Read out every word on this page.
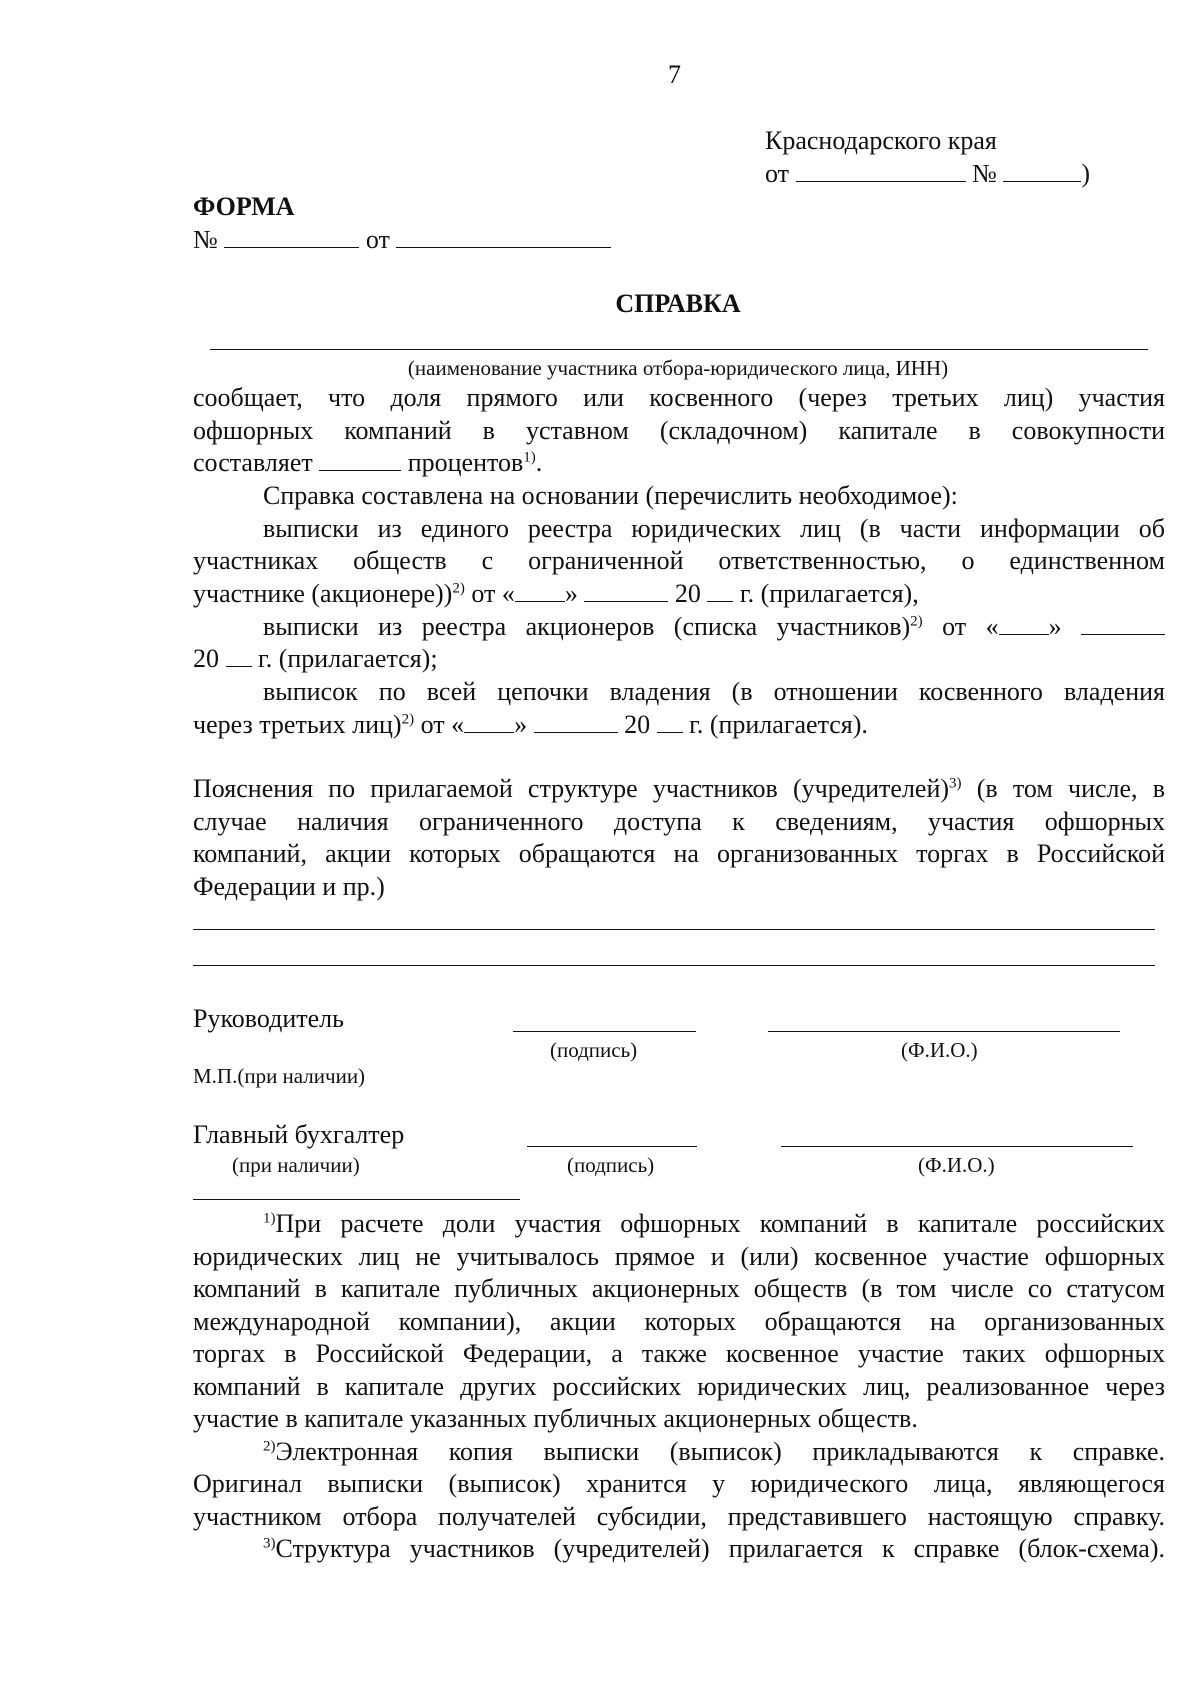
7
Краснодарского края
от	№	)
ФОРМА
№	от
СПРАВКА
(наименование участника отбора-юридического лица, ИНН)
сообщает, что доля прямого или косвенного (через третьих лиц) участия
офшорных компаний в уставном (складочном) капитале в совокупности
составляет	процентов$^{1)}$.
Справка составлена на основании (перечислить необходимое):
выписки из единого реестра юридических лиц (в части информации об
участниках обществ с ограниченной ответственностью, о единственном
участнике (акционере))$^{2)}$ от « »	20 г. (прилагается),
выписки из реестра акционеров (списка участников)$^{2)}$ от « »
20 г. (прилагается);
выписок по всей цепочки владения (в отношении косвенного владения
через третьих лиц)$^{2)}$ от « »	20 г. (прилагается).
Пояснения по прилагаемой структуре участников (учредителей)$^{3)}$ (в том числе, в
случае наличия ограниченного доступа к сведениям, участия офшорных
компаний, акции которых обращаются на организованных торгах в Российской
Федерации и пр.)
Руководитель
(подпись)	(Ф.И.О.)
М.П.(при наличии)
Главный бухгалтер
(при наличии)	(подпись)	(Ф.И.О.)
$^{1)}$При расчете доли участия офшорных компаний в капитале российских
юридических лиц не учитывалось прямое и (или) косвенное участие офшорных
компаний в капитале публичных акционерных обществ (в том числе со статусом
международной компании), акции которых обращаются на организованных
торгах в Российской Федерации, а также косвенное участие таких офшорных
компаний в капитале других российских юридических лиц, реализованное через
участие в капитале указанных публичных акционерных обществ.
$^{2)}$Электронная копия выписки (выписок) прикладываются к справке.
Оригинал выписки (выписок) хранится у юридического лица, являющегося
участником отбора получателей субсидии, представившего настоящую справку.
$^{3)}$Структура участников (учредителей) прилагается к справке (блок-схема).
